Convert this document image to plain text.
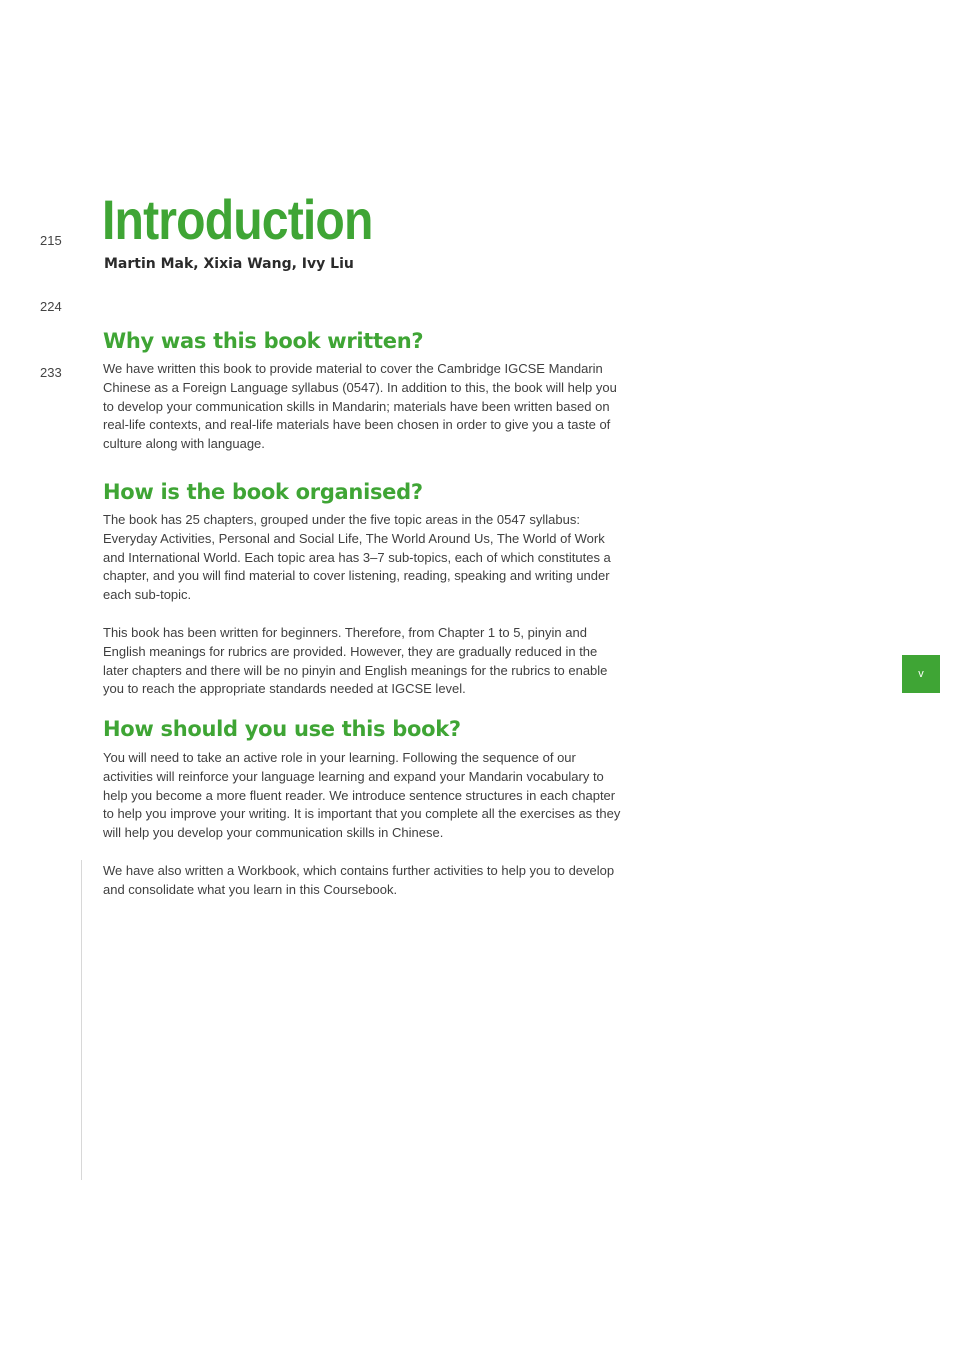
215
224
233
Introduction

Martin Mak, Xixia Wang, Ivy Liu

Why was this book written?

We have written this book to provide material to cover the Cambridge IGCSE Mandarin Chinese as a Foreign Language syllabus (0547). In addition to this, the book will help you to develop your communication skills in Mandarin; materials have been written based on real-life contexts, and real-life materials have been chosen in order to give you a taste of culture along with language.

How is the book organised?

The book has 25 chapters, grouped under the five topic areas in the 0547 syllabus: Everyday Activities, Personal and Social Life, The World Around Us, The World of Work and International World. Each topic area has 3–7 sub-topics, each of which constitutes a chapter, and you will find material to cover listening, reading, speaking and writing under each sub-topic.

This book has been written for beginners. Therefore, from Chapter 1 to 5, pinyin and English meanings for rubrics are provided. However, they are gradually reduced in the later chapters and there will be no pinyin and English meanings for the rubrics to enable you to reach the appropriate standards needed at IGCSE level.

How should you use this book?

You will need to take an active role in your learning. Following the sequence of our activities will reinforce your language learning and expand your Mandarin vocabulary to help you become a more fluent reader. We introduce sentence structures in each chapter to help you improve your writing. It is important that you complete all the exercises as they will help you develop your communication skills in Chinese.

We have also written a Workbook, which contains further activities to help you to develop and consolidate what you learn in this Coursebook.

v
